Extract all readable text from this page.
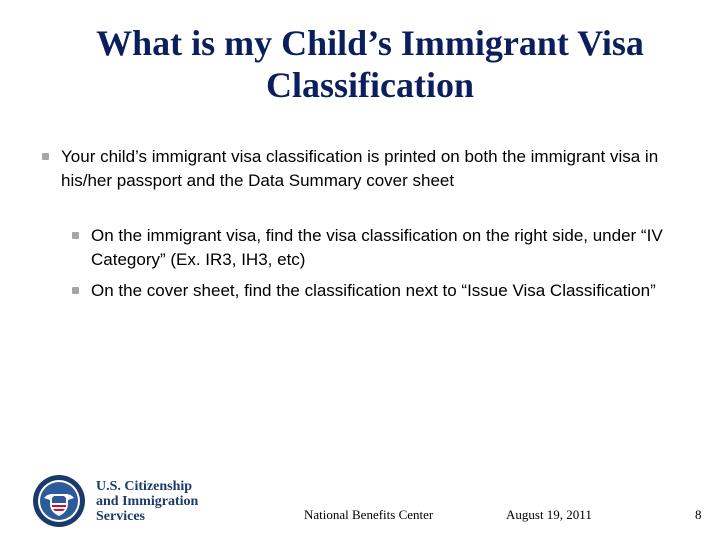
What is my Child’s Immigrant Visa Classification
Your child’s immigrant visa classification is printed on both the immigrant visa in his/her passport and the Data Summary cover sheet
On the immigrant visa, find the visa classification on the right side, under “IV Category” (Ex. IR3, IH3, etc)
On the cover sheet, find the classification next to “Issue Visa Classification”
U.S. Citizenship
and Immigration
Services	National Benefits Center	August 19, 2011	8
